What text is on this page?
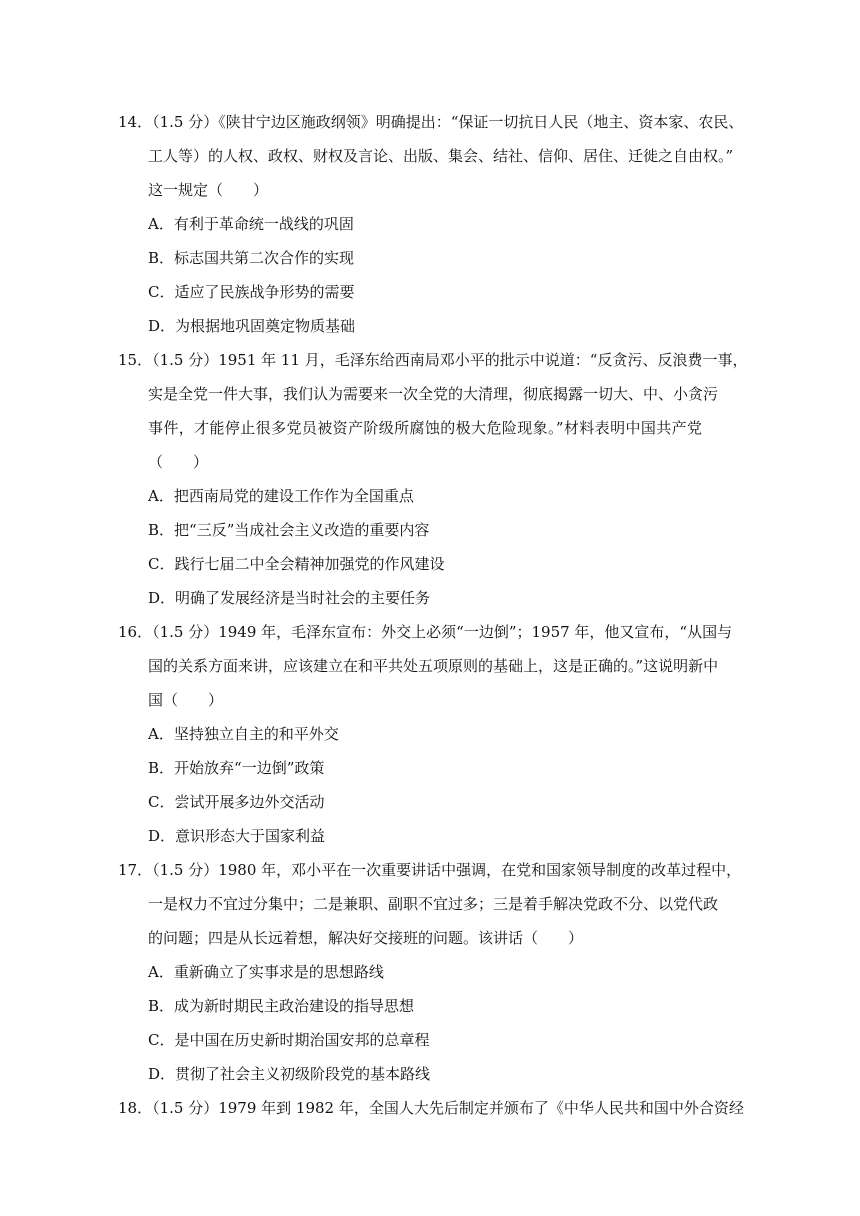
14．（1.5 分）《陕甘宁边区施政纲领》明确提出：“保证一切抗日人民（地主、资本家、农民、
工人等）的人权、政权、财权及言论、出版、集会、结社、信仰、居住、迁徙之自由权。”
这一规定（　　）
A．有利于革命统一战线的巩固
B．标志国共第二次合作的实现
C．适应了民族战争形势的需要
D．为根据地巩固奠定物质基础
15．（1.5 分）1951 年 11 月，毛泽东给西南局邓小平的批示中说道：“反贪污、反浪费一事，
实是全党一件大事，我们认为需要来一次全党的大清理，彻底揭露一切大、中、小贪污
事件，才能停止很多党员被资产阶级所腐蚀的极大危险现象。”材料表明中国共产党
（　　）
A．把西南局党的建设工作作为全国重点
B．把“三反”当成社会主义改造的重要内容
C．践行七届二中全会精神加强党的作风建设
D．明确了发展经济是当时社会的主要任务
16．（1.5 分）1949 年，毛泽东宣布：外交上必须“一边倒”；1957 年，他又宣布，“从国与
国的关系方面来讲，应该建立在和平共处五项原则的基础上，这是正确的。”这说明新中
国（　　）
A．坚持独立自主的和平外交
B．开始放弃“一边倒”政策
C．尝试开展多边外交活动
D．意识形态大于国家利益
17．（1.5 分）1980 年，邓小平在一次重要讲话中强调，在党和国家领导制度的改革过程中，
一是权力不宜过分集中；二是兼职、副职不宜过多；三是着手解决党政不分、以党代政
的问题；四是从长远着想，解决好交接班的问题。该讲话（　　）
A．重新确立了实事求是的思想路线
B．成为新时期民主政治建设的指导思想
C．是中国在历史新时期治国安邦的总章程
D．贯彻了社会主义初级阶段党的基本路线
18．（1.5 分）1979 年到 1982 年，全国人大先后制定并颁布了《中华人民共和国中外合资经
